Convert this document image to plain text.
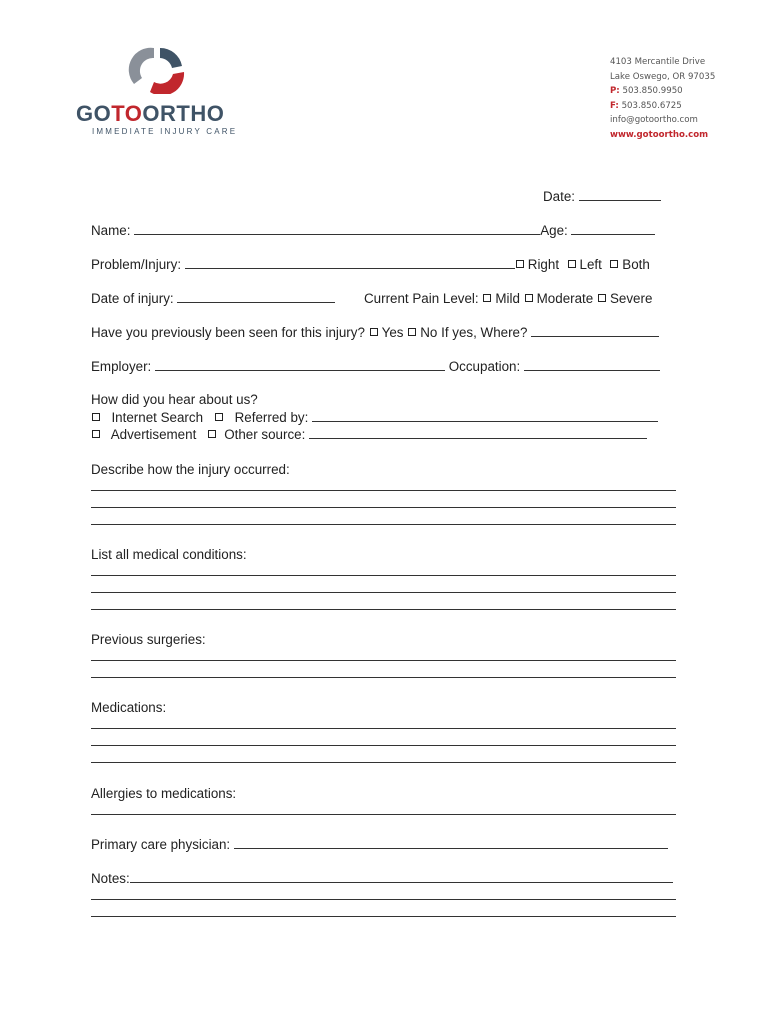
GOTOORTHO
IMMEDIATE INJURY CARE
4103 Mercantile Drive
Lake Oswego, OR 97035
P: 503.850.9950
F: 503.850.6725
info@gotoortho.com
www.gotoortho.com
Date:
Name:	Age:
Problem/Injury:	Right Left Both
Date of injury:	Current Pain Level: Mild Moderate Severe
Have you previously been seen for this injury? Yes No If yes, Where?
Employer:	Occupation:
How did you hear about us?
Internet Search Referred by:
Advertisement Other source:
Describe how the injury occurred:
List all medical conditions:
Previous surgeries:
Medications:
Allergies to medications:
Primary care physician:
Notes:
